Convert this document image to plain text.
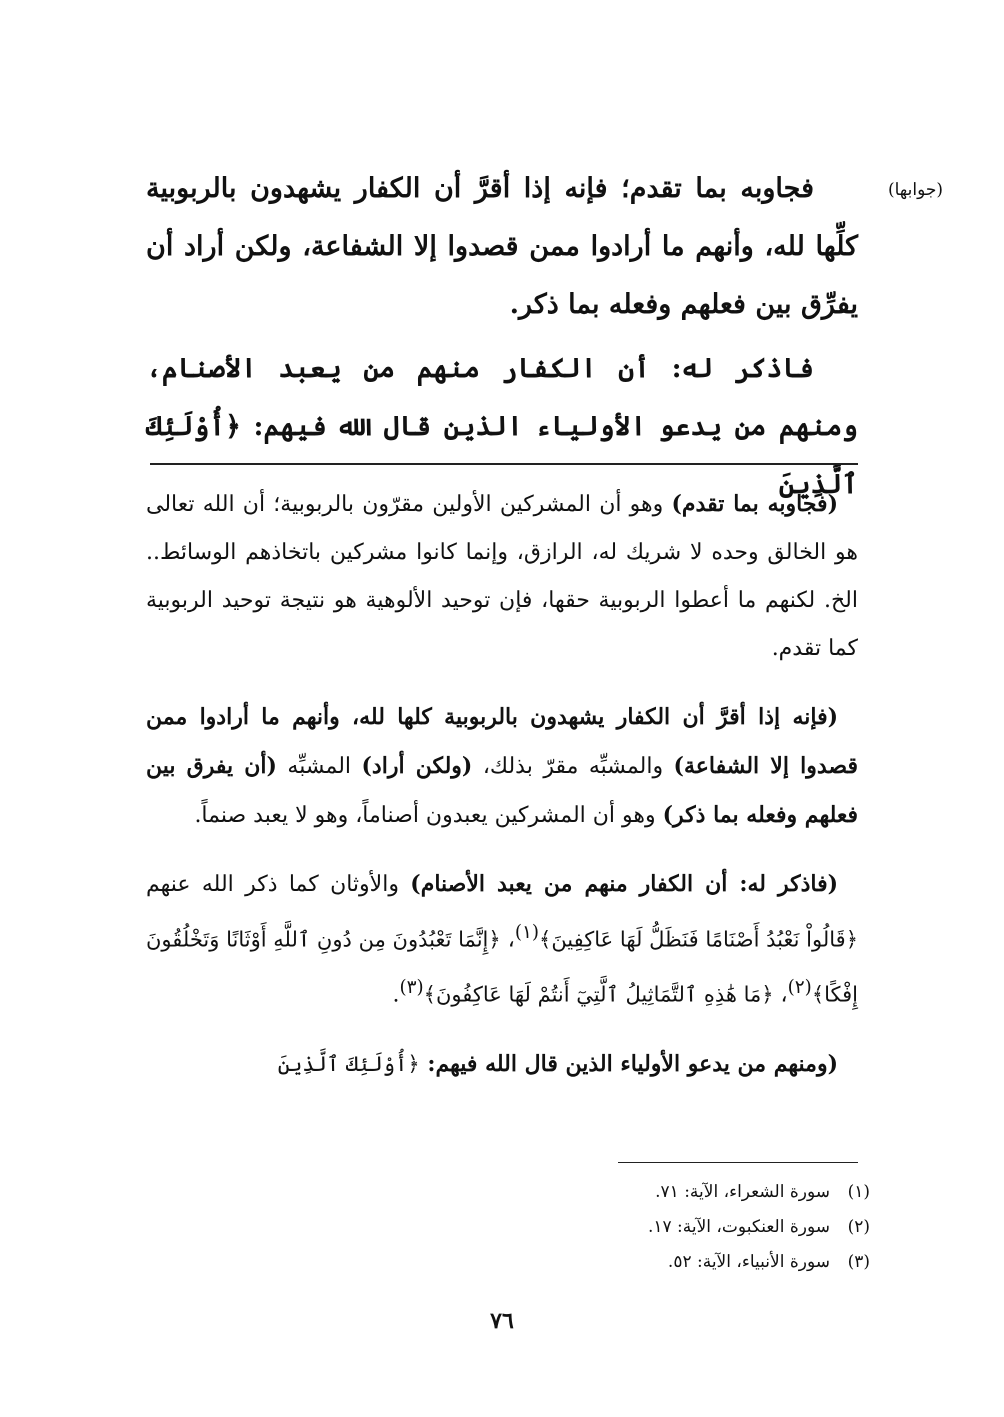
(جوابها)

فجاوبه بما تقدم؛ فإنه إذا أقرَّ أن الكفار يشهدون بالربوبية كلِّها لله، وأنهم ما أرادوا ممن قصدوا إلا الشفاعة، ولكن أراد أن يفرِّق بين فعلهم وفعله بما ذكر.

فاذكر له: أن الكفار منهم من يعبد الأصنام، ومنهم من يدعو الأولياء الذين قال الله فيهم: ﴿أُوْلَئِكَ ٱلَّذِينَ

(فجاوبه بما تقدم) وهو أن المشركين الأولين مقرّون بالربوبية؛ أن الله تعالى هو الخالق وحده لا شريك له، الرازق، وإنما كانوا مشركين باتخاذهم الوسائط.. الخ. لكنهم ما أعطوا الربوبية حقها، فإن توحيد الألوهية هو نتيجة توحيد الربوبية كما تقدم.

(فإنه إذا أقرَّ أن الكفار يشهدون بالربوبية كلها لله، وأنهم ما أرادوا ممن قصدوا إلا الشفاعة) والمشبِّه مقرّ بذلك، (ولكن أراد) المشبِّه (أن يفرق بين فعلهم وفعله بما ذكر) وهو أن المشركين يعبدون أصناماً، وهو لا يعبد صنماً.

(فاذكر له: أن الكفار منهم من يعبد الأصنام) والأوثان كما ذكر الله عنهم ﴿قَالُواْ نَعْبُدُ أَصْنَامًا فَنَظَلُّ لَهَا عَاكِفِينَ﴾$^{(١)}$، ﴿إِنَّمَا تَعْبُدُونَ مِن دُونِ ٱللَّهِ أَوْثَانًا وَتَخْلُقُونَ إِفْكًا﴾$^{(٢)}$، ﴿مَا هَٰذِهِ ٱلتَّمَاثِيلُ ٱلَّتِيٓ أَنتُمْ لَهَا عَاكِفُونَ﴾$^{(٣)}$.

(ومنهم من يدعو الأولياء الذين قال الله فيهم: ﴿أُوْلَئِكَ ٱلَّذِينَ

(١)سورة الشعراء، الآية: ٧١.
(٢)سورة العنكبوت، الآية: ١٧.
(٣)سورة الأنبياء، الآية: ٥٢.
٧٦
